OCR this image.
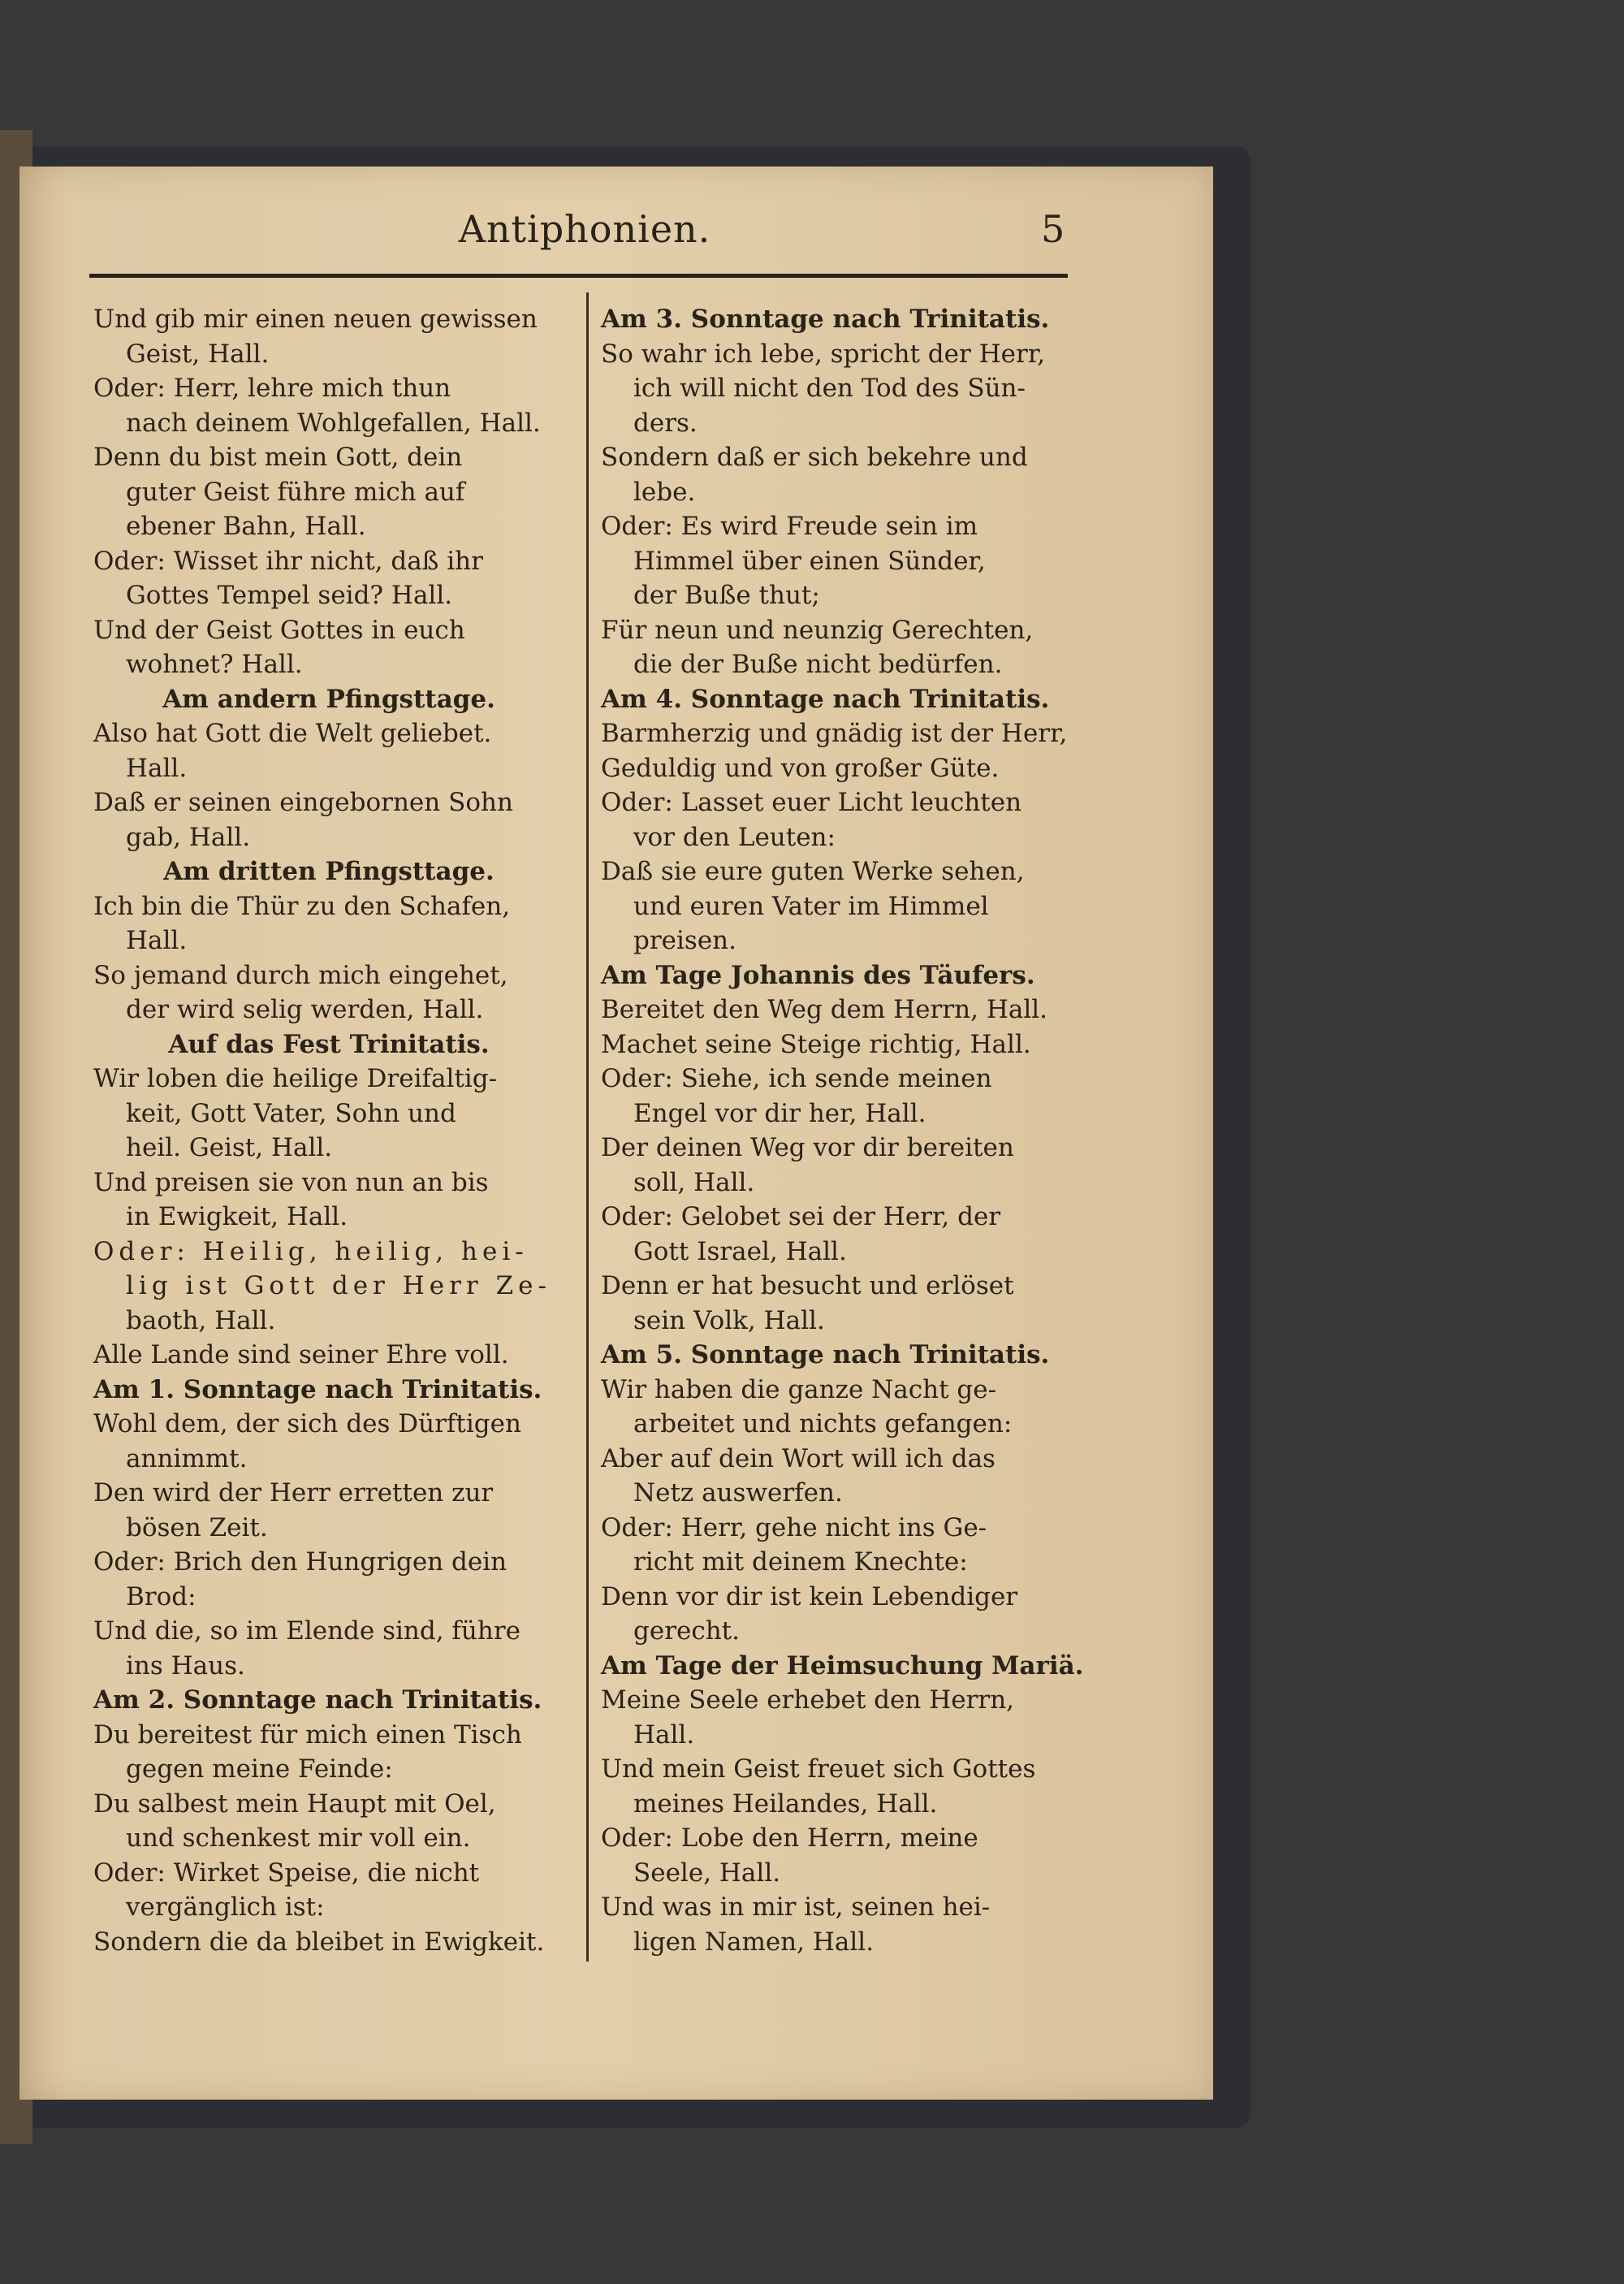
Antiphonien.	5
Und gib mir einen neuen gewissen
Geist, Hall.
Oder: Herr, lehre mich thun
nach deinem Wohlgefallen, Hall.
Denn du bist mein Gott, dein
guter Geist führe mich auf
ebener Bahn, Hall.
Oder: Wisset ihr nicht, daß ihr
Gottes Tempel seid? Hall.
Und der Geist Gottes in euch
wohnet? Hall.
Am andern Pfingsttage.
Also hat Gott die Welt geliebet.
Hall.
Daß er seinen eingebornen Sohn
gab, Hall.
Am dritten Pfingsttage.
Ich bin die Thür zu den Schafen,
Hall.
So jemand durch mich eingehet,
der wird selig werden, Hall.
Auf das Fest Trinitatis.
Wir loben die heilige Dreifaltig-
keit, Gott Vater, Sohn und
heil. Geist, Hall.
Und preisen sie von nun an bis
in Ewigkeit, Hall.
Oder: Heilig, heilig, hei-
lig ist Gott der Herr Ze-
baoth, Hall.
Alle Lande sind seiner Ehre voll.
Am 1. Sonntage nach Trinitatis.
Wohl dem, der sich des Dürftigen
annimmt.
Den wird der Herr erretten zur
bösen Zeit.
Oder: Brich den Hungrigen dein
Brod:
Und die, so im Elende sind, führe
ins Haus.
Am 2. Sonntage nach Trinitatis.
Du bereitest für mich einen Tisch
gegen meine Feinde:
Du salbest mein Haupt mit Oel,
und schenkest mir voll ein.
Oder: Wirket Speise, die nicht
vergänglich ist:
Sondern die da bleibet in Ewigkeit.
Am 3. Sonntage nach Trinitatis.
So wahr ich lebe, spricht der Herr,
ich will nicht den Tod des Sün-
ders.
Sondern daß er sich bekehre und
lebe.
Oder: Es wird Freude sein im
Himmel über einen Sünder,
der Buße thut;
Für neun und neunzig Gerechten,
die der Buße nicht bedürfen.
Am 4. Sonntage nach Trinitatis.
Barmherzig und gnädig ist der Herr,
Geduldig und von großer Güte.
Oder: Lasset euer Licht leuchten
vor den Leuten:
Daß sie eure guten Werke sehen,
und euren Vater im Himmel
preisen.
Am Tage Johannis des Täufers.
Bereitet den Weg dem Herrn, Hall.
Machet seine Steige richtig, Hall.
Oder: Siehe, ich sende meinen
Engel vor dir her, Hall.
Der deinen Weg vor dir bereiten
soll, Hall.
Oder: Gelobet sei der Herr, der
Gott Israel, Hall.
Denn er hat besucht und erlöset
sein Volk, Hall.
Am 5. Sonntage nach Trinitatis.
Wir haben die ganze Nacht ge-
arbeitet und nichts gefangen:
Aber auf dein Wort will ich das
Netz auswerfen.
Oder: Herr, gehe nicht ins Ge-
richt mit deinem Knechte:
Denn vor dir ist kein Lebendiger
gerecht.
Am Tage der Heimsuchung Mariä.
Meine Seele erhebet den Herrn,
Hall.
Und mein Geist freuet sich Gottes
meines Heilandes, Hall.
Oder: Lobe den Herrn, meine
Seele, Hall.
Und was in mir ist, seinen hei-
ligen Namen, Hall.
